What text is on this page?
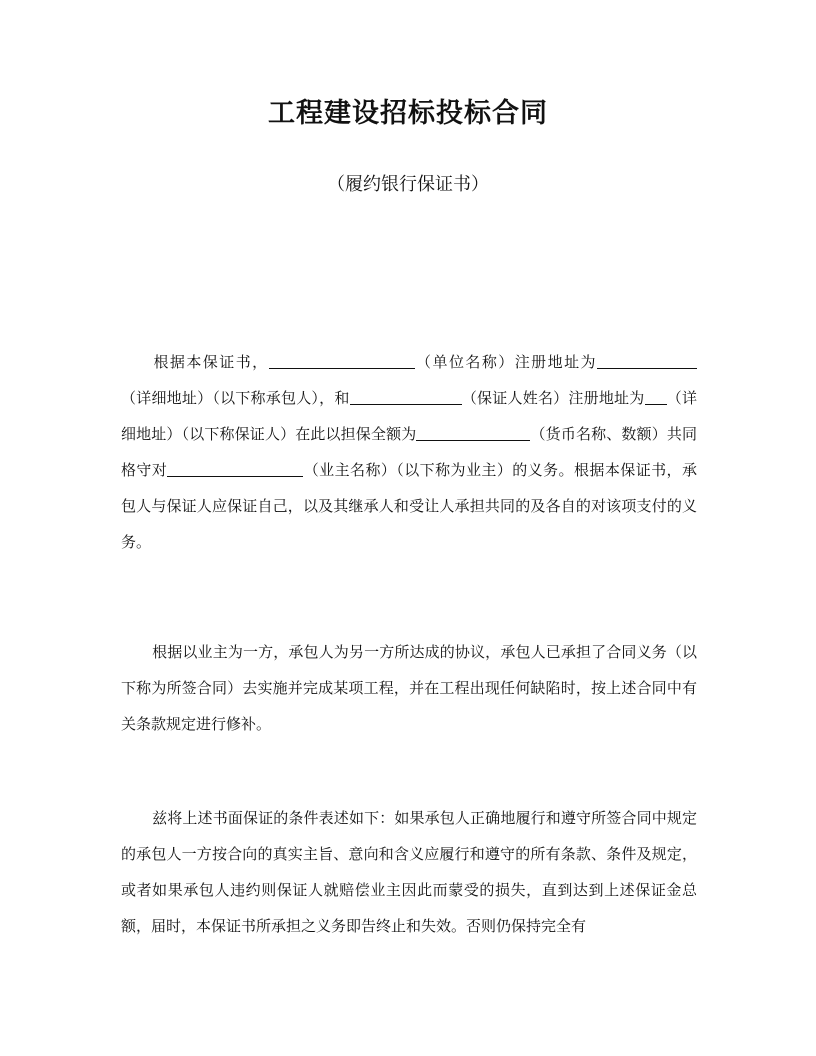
工程建设招标投标合同

（履约银行保证书）

根据本保证书，	（单位名称）注册地址为（详细地址）（以下称承包人），和	（保证人姓名）注册地址为 （详细地址）（以下称保证人）在此以担保全额为	（货币名称、数额）共同格守对	（业主名称）（以下称为业主）的义务。根据本保证书，承包人与保证人应保证自己，以及其继承人和受让人承担共同的及各自的对该项支付的义务。

根据以业主为一方，承包人为另一方所达成的协议，承包人已承担了合同义务（以下称为所签合同）去实施并完成某项工程，并在工程出现任何缺陷时，按上述合同中有关条款规定进行修补。

兹将上述书面保证的条件表述如下：如果承包人正确地履行和遵守所签合同中规定的承包人一方按合向的真实主旨、意向和含义应履行和遵守的所有条款、条件及规定，或者如果承包人违约则保证人就赔偿业主因此而蒙受的损失，直到达到上述保证金总额，届时，本保证书所承担之义务即告终止和失效。否则仍保持完全有
